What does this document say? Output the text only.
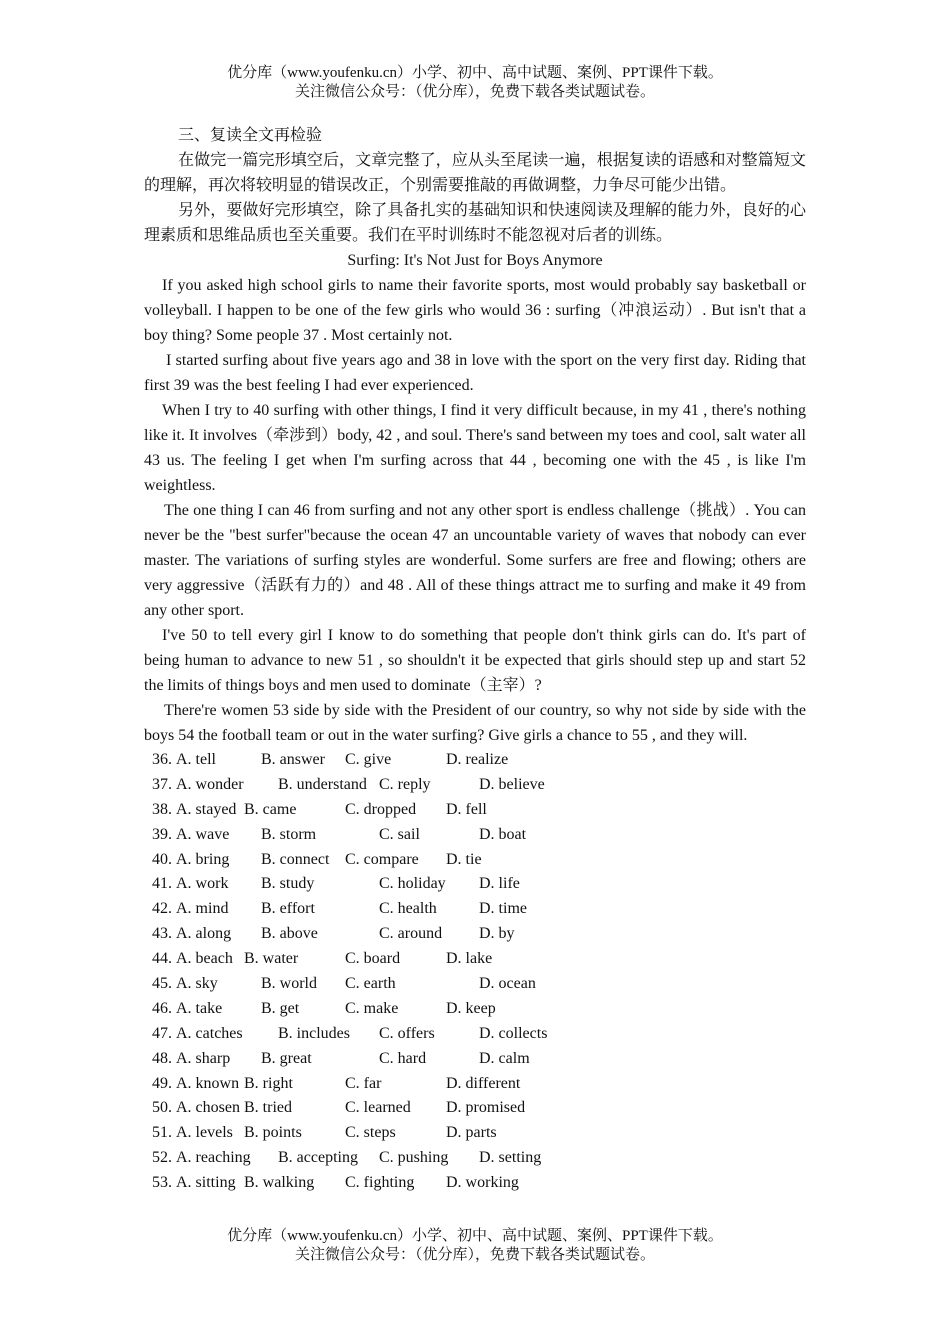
优分库（www.youfenku.cn）小学、初中、高中试题、案例、PPT课件下载。
关注微信公众号：（优分库），免费下载各类试题试卷。

三、复读全文再检验

在做完一篇完形填空后，文章完整了，应从头至尾读一遍，根据复读的语感和对整篇短文的理解，再次将较明显的错误改正，个别需要推敲的再做调整，力争尽可能少出错。

另外，要做好完形填空，除了具备扎实的基础知识和快速阅读及理解的能力外，良好的心理素质和思维品质也至关重要。我们在平时训练时不能忽视对后者的训练。

Surfing: It's Not Just for Boys Anymore

If you asked high school girls to name their favorite sports, most would probably say basketball or volleyball. I happen to be one of the few girls who would 36 : surfing（冲浪运动）. But isn't that a boy thing? Some people 37 . Most certainly not.

I started surfing about five years ago and 38 in love with the sport on the very first day. Riding that first 39 was the best feeling I had ever experienced.

When I try to 40 surfing with other things, I find it very difficult because, in my 41 , there's nothing like it. It involves（牵涉到）body, 42 , and soul. There's sand between my toes and cool, salt water all 43 us. The feeling I get when I'm surfing across that 44 , becoming one with the 45 , is like I'm weightless.

The one thing I can 46 from surfing and not any other sport is endless challenge（挑战）. You can never be the "best surfer"because the ocean 47 an uncountable variety of waves that nobody can ever master. The variations of surfing styles are wonderful. Some surfers are free and flowing; others are very aggressive（活跃有力的）and 48 . All of these things attract me to surfing and make it 49 from any other sport.

I've 50 to tell every girl I know to do something that people don't think girls can do. It's part of being human to advance to new 51 , so shouldn't it be expected that girls should step up and start 52 the limits of things boys and men used to dominate（主宰）?

There're women 53 side by side with the President of our country, so why not side by side with the boys 54 the football team or out in the water surfing? Give girls a chance to 55 , and they will.

36. A. tell	B. answer C. give	D. realize
37. A. wonder B. understand C. reply	D. believe
38. A. stayed B. came	C. dropped D. fell
39. A. wave B. storm	C. sail	D. boat
40. A. bring B. connect C. compare D. tie
41. A. work B. study	C. holiday D. life
42. A. mind B. effort	C. health	D. time
43. A. along B. above	C. around D. by
44. A. beach B. water	C. board	D. lake
45. A. sky	B. world C. earth	D. ocean
46. A. take B. get	C. make	D. keep
47. A. catches B. includes C. offers	D. collects
48. A. sharp B. great	C. hard	D. calm
49. A. known B. right	C. far	D. different
50. A. chosen B. tried	C. learned D. promised
51. A. levels B. points	C. steps	D. parts
52. A. reaching B. accepting C. pushing D. setting
53. A. sitting B. walking C. fighting D. working
优分库（www.youfenku.cn）小学、初中、高中试题、案例、PPT课件下载。
关注微信公众号：（优分库），免费下载各类试题试卷。
